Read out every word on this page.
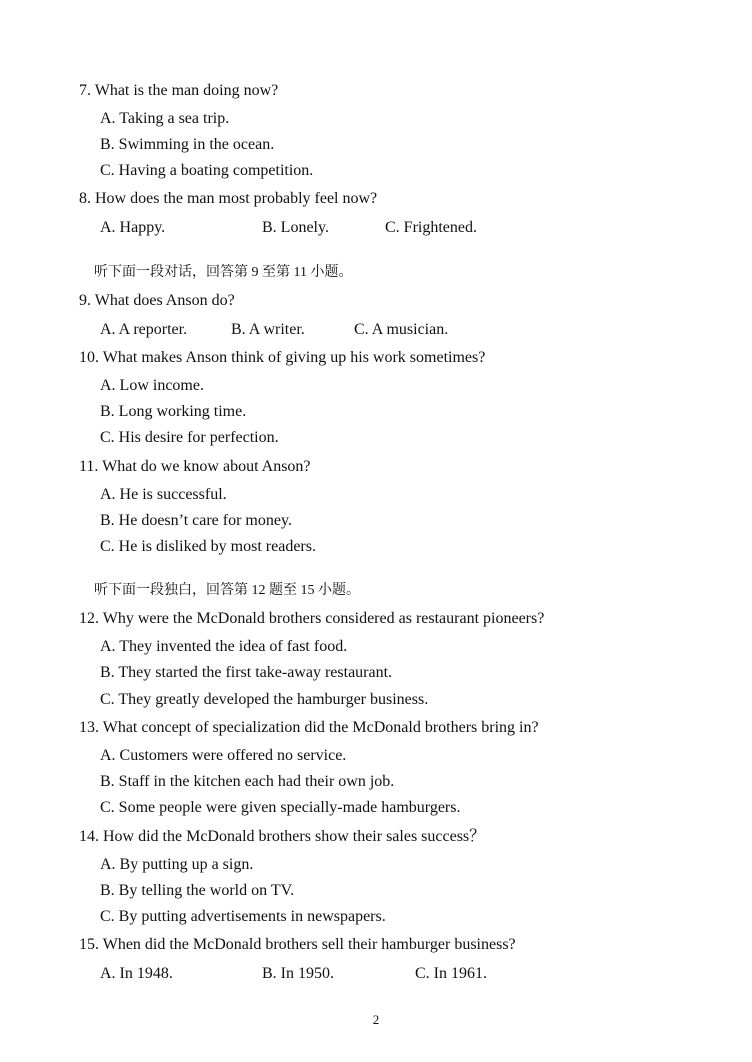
7. What is the man doing now?
A. Taking a sea trip.
B. Swimming in the ocean.
C. Having a boating competition.
8. How does the man most probably feel now?
A. Happy.	B. Lonely.	C. Frightened.
听下面一段对话，回答第 9 至第 11 小题。
9. What does Anson do?
A. A reporter.	B. A writer.	C. A musician.
10. What makes Anson think of giving up his work sometimes?
A. Low income.
B. Long working time.
C. His desire for perfection.
11. What do we know about Anson?
A. He is successful.
B. He doesn’t care for money.
C. He is disliked by most readers.
听下面一段独白，回答第 12 题至 15 小题。
12. Why were the McDonald brothers considered as restaurant pioneers?
A. They invented the idea of fast food.
B. They started the first take-away restaurant.
C. They greatly developed the hamburger business.
13. What concept of specialization did the McDonald brothers bring in?
A. Customers were offered no service.
B. Staff in the kitchen each had their own job.
C. Some people were given specially-made hamburgers.
14. How did the McDonald brothers show their sales success？
A. By putting up a sign.
B. By telling the world on TV.
C. By putting advertisements in newspapers.
15. When did the McDonald brothers sell their hamburger business?
A. In 1948.	B. In 1950.	C. In 1961.
2
